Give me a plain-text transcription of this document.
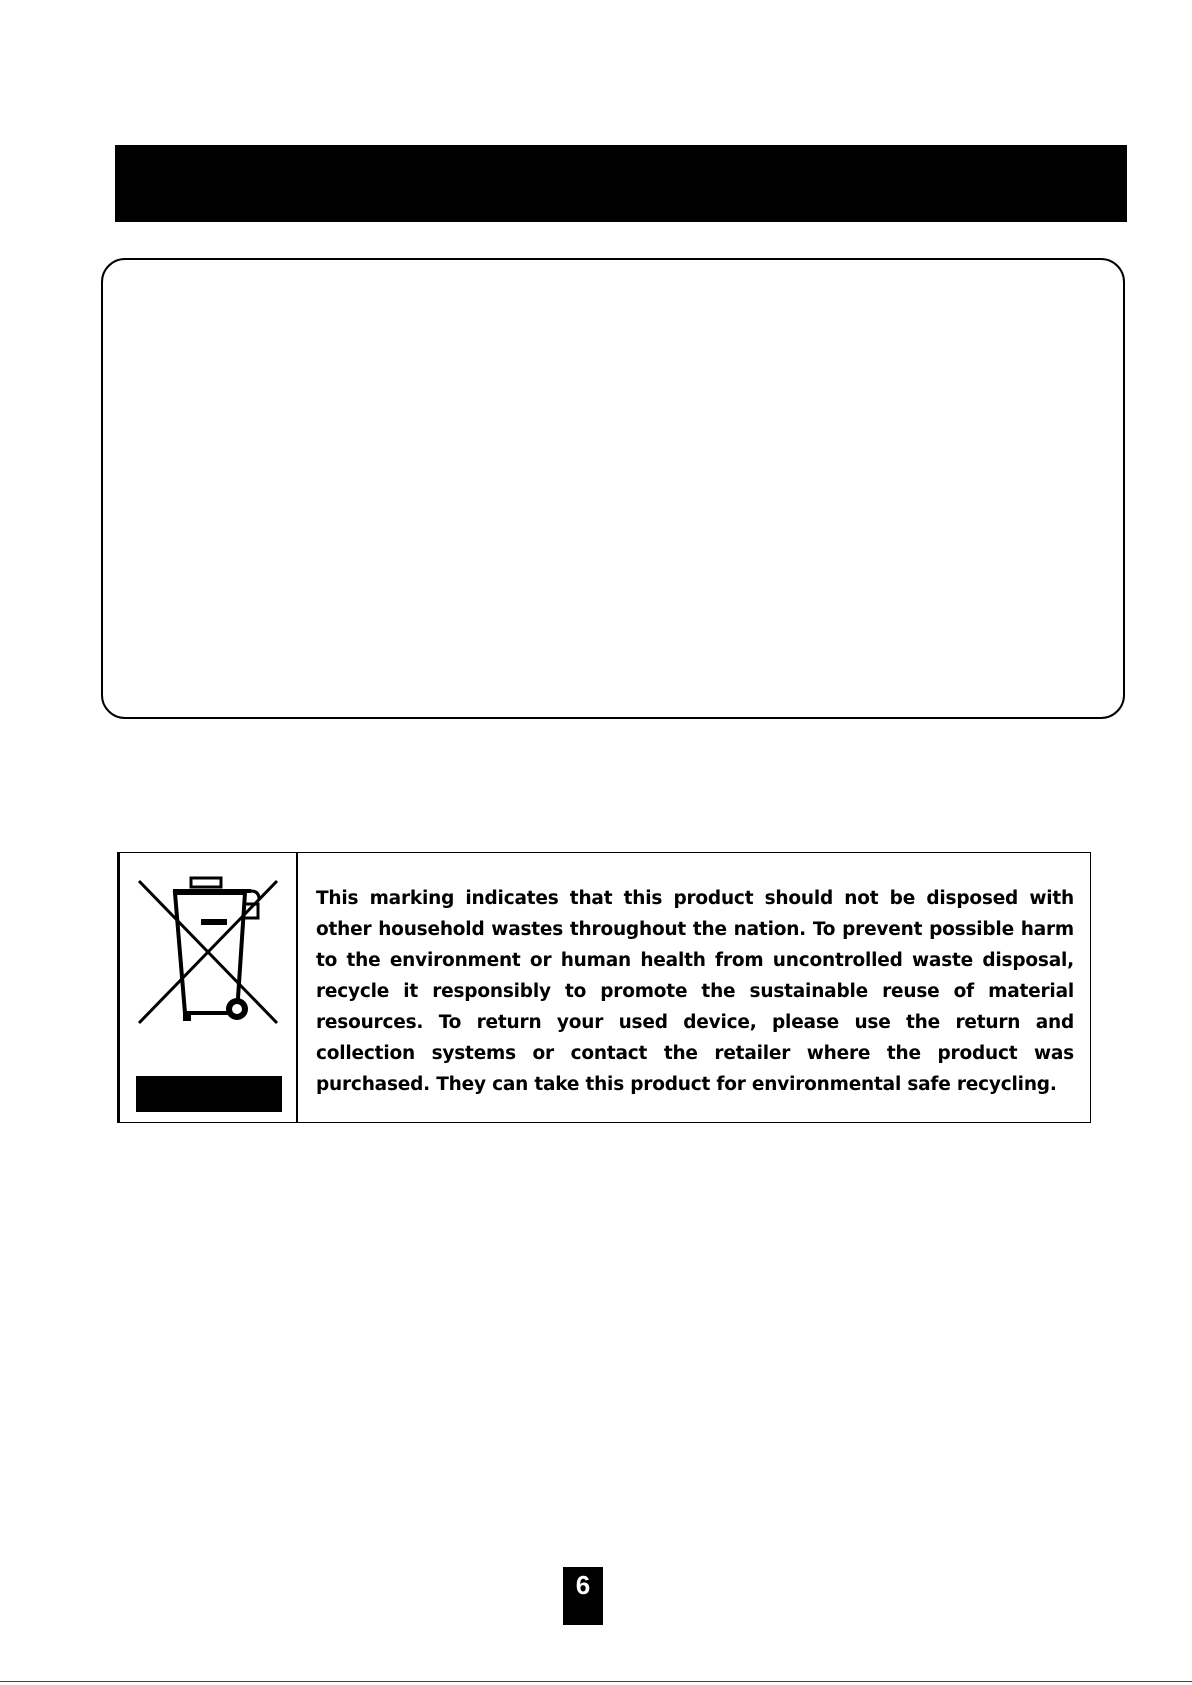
This marking indicates that this product should not be disposed with other household wastes throughout the nation. To prevent possible harm to the environment or human health from uncontrolled waste disposal, recycle it responsibly to promote the sustainable reuse of material resources. To return your used device, please use the return and collection systems or contact the retailer where the product was purchased. They can take this product for environmental safe recycling.

6
